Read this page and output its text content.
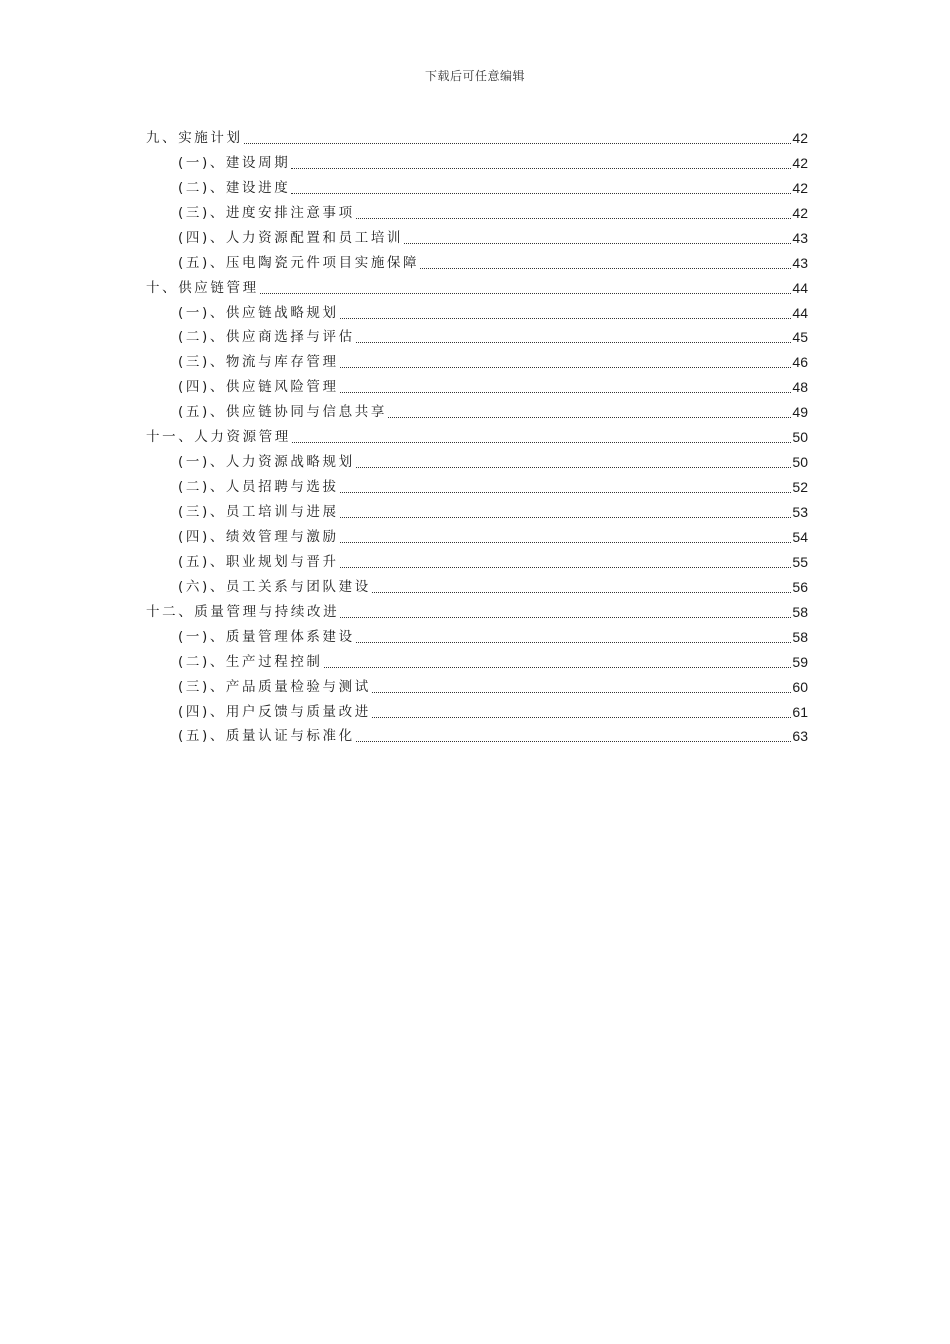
下载后可任意编辑
九、实施计划	42
(一)、建设周期	42
(二)、建设进度	42
(三)、进度安排注意事项	42
(四)、人力资源配置和员工培训	43
(五)、压电陶瓷元件项目实施保障	43
十、供应链管理	44
(一)、供应链战略规划	44
(二)、供应商选择与评估	45
(三)、物流与库存管理	46
(四)、供应链风险管理	48
(五)、供应链协同与信息共享	49
十一、人力资源管理	50
(一)、人力资源战略规划	50
(二)、人员招聘与选拔	52
(三)、员工培训与进展	53
(四)、绩效管理与激励	54
(五)、职业规划与晋升	55
(六)、员工关系与团队建设	56
十二、质量管理与持续改进	58
(一)、质量管理体系建设	58
(二)、生产过程控制	59
(三)、产品质量检验与测试	60
(四)、用户反馈与质量改进	61
(五)、质量认证与标准化	63
